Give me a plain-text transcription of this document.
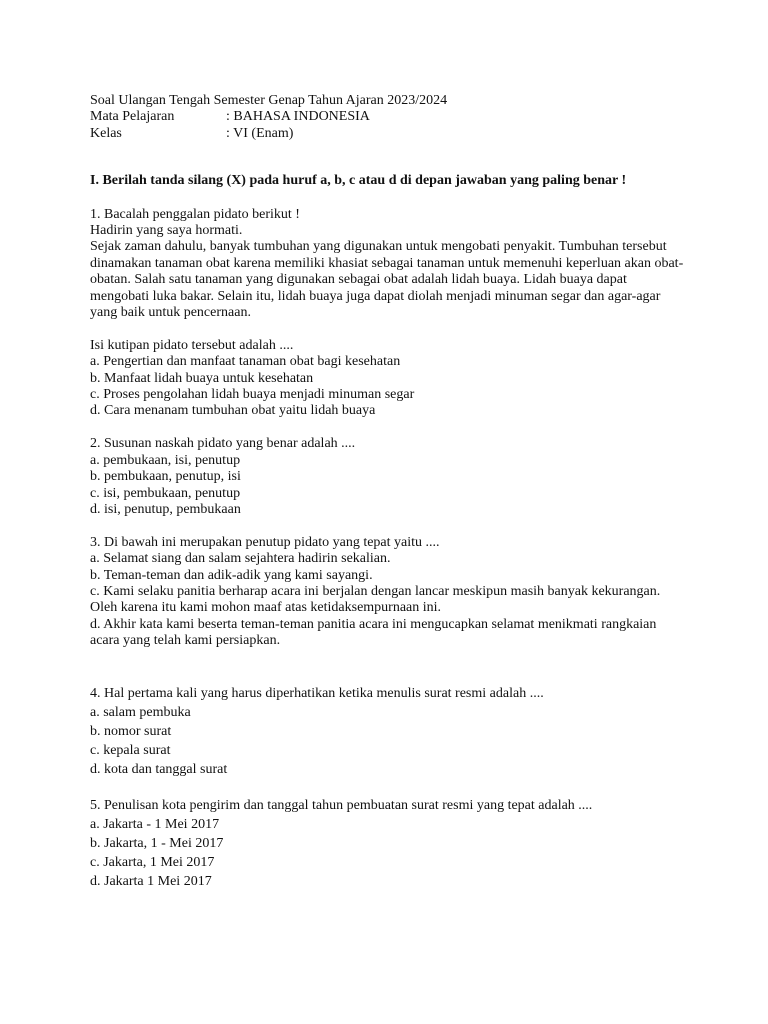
Soal Ulangan Tengah Semester Genap Tahun Ajaran 2023/2024
Mata Pelajaran	: BAHASA INDONESIA
Kelas	: VI (Enam)
I. Berilah tanda silang (X) pada huruf a, b, c atau d di depan jawaban yang paling benar !
1. Bacalah penggalan pidato berikut !
Hadirin yang saya hormati.
Sejak zaman dahulu, banyak tumbuhan yang digunakan untuk mengobati penyakit. Tumbuhan tersebut
dinamakan tanaman obat karena memiliki khasiat sebagai tanaman untuk memenuhi keperluan akan obat-
obatan. Salah satu tanaman yang digunakan sebagai obat adalah lidah buaya. Lidah buaya dapat
mengobati luka bakar. Selain itu, lidah buaya juga dapat diolah menjadi minuman segar dan agar-agar
yang baik untuk pencernaan.
Isi kutipan pidato tersebut adalah ....
a. Pengertian dan manfaat tanaman obat bagi kesehatan
b. Manfaat lidah buaya untuk kesehatan
c. Proses pengolahan lidah buaya menjadi minuman segar
d. Cara menanam tumbuhan obat yaitu lidah buaya
2. Susunan naskah pidato yang benar adalah ....
a. pembukaan, isi, penutup
b. pembukaan, penutup, isi
c. isi, pembukaan, penutup
d. isi, penutup, pembukaan
3. Di bawah ini merupakan penutup pidato yang tepat yaitu ....
a. Selamat siang dan salam sejahtera hadirin sekalian.
b. Teman-teman dan adik-adik yang kami sayangi.
c. Kami selaku panitia berharap acara ini berjalan dengan lancar meskipun masih banyak kekurangan.
Oleh karena itu kami mohon maaf atas ketidaksempurnaan ini.
d. Akhir kata kami beserta teman-teman panitia acara ini mengucapkan selamat menikmati rangkaian
acara yang telah kami persiapkan.
4. Hal pertama kali yang harus diperhatikan ketika menulis surat resmi adalah ....
a. salam pembuka
b. nomor surat
c. kepala surat
d. kota dan tanggal surat
5. Penulisan kota pengirim dan tanggal tahun pembuatan surat resmi yang tepat adalah ....
a. Jakarta - 1 Mei 2017
b. Jakarta, 1 - Mei 2017
c. Jakarta, 1 Mei 2017
d. Jakarta 1 Mei 2017
